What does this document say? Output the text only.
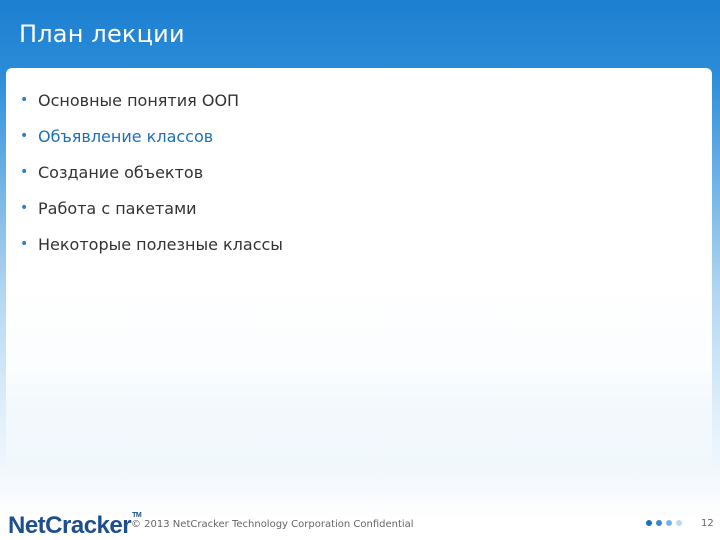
План лекции
• Основные понятия ООП
• Объявление классов
• Создание объектов
• Работа с пакетами
• Некоторые полезные классы
NetCracker™
© 2013 NetCracker Technology Corporation Confidential	12
